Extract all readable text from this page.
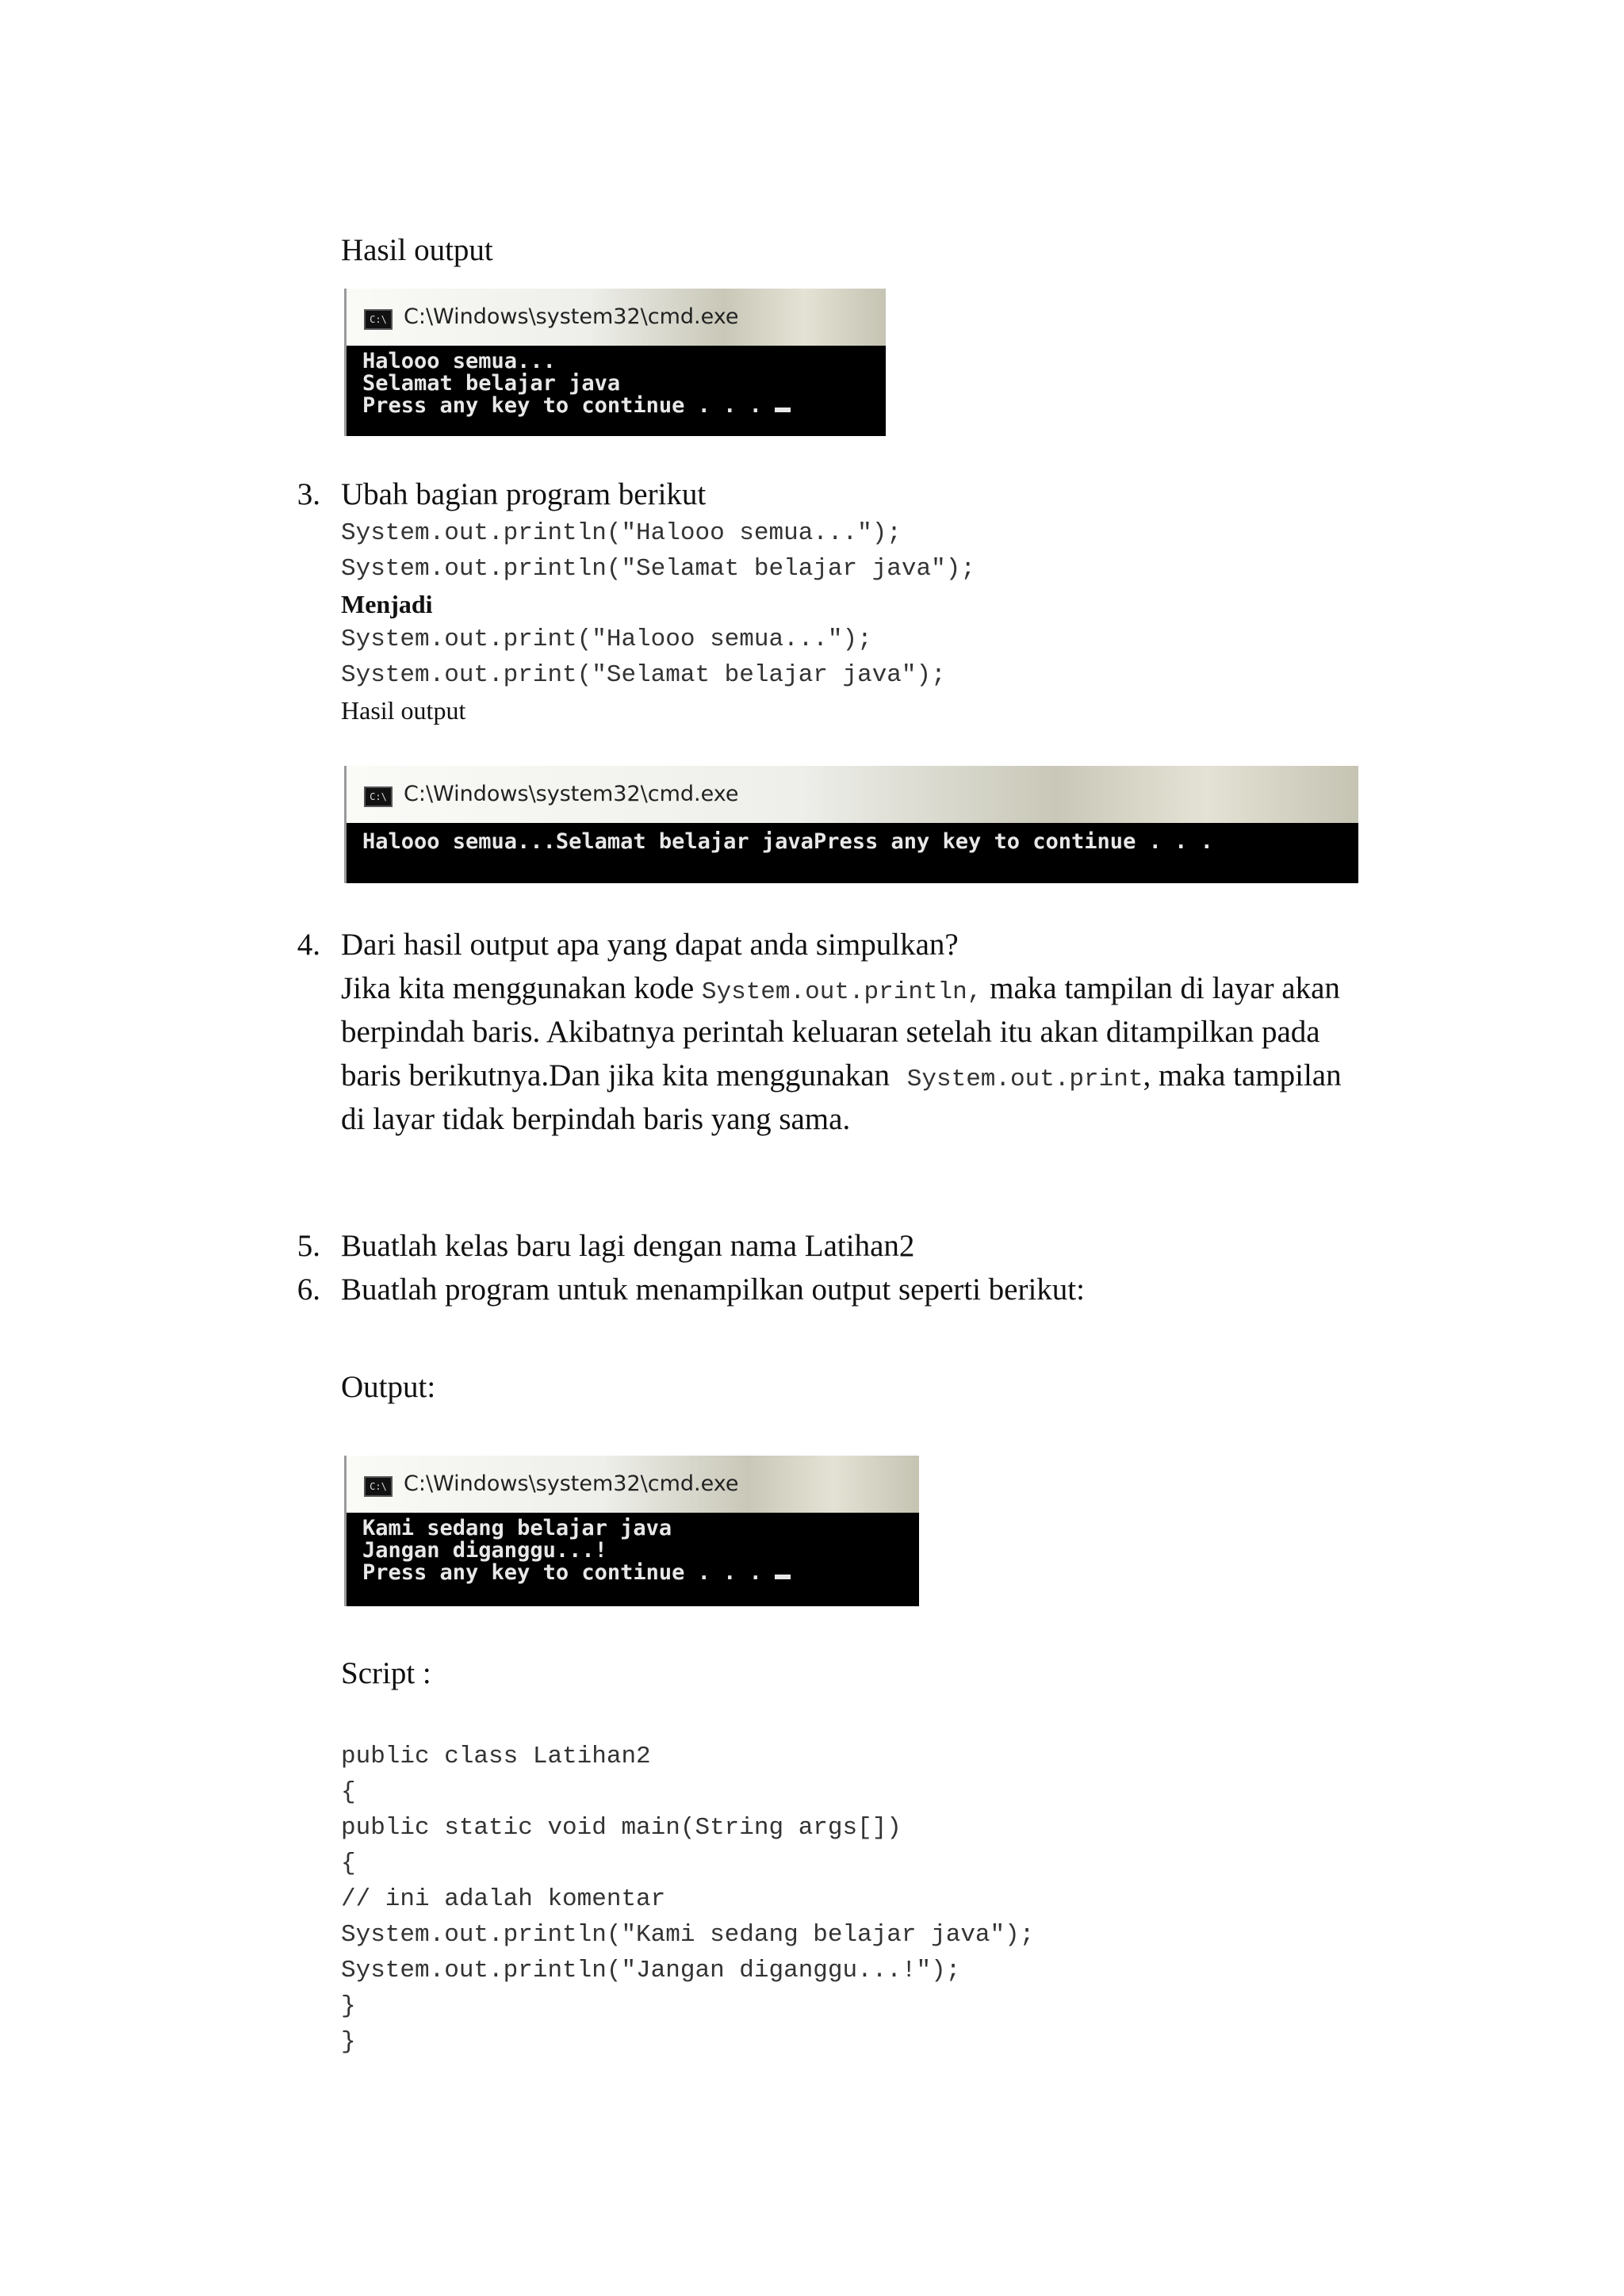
Hasil output
C:\ C:\Windows\system32\cmd.exe
Halooo semua...
Selamat belajar java
Press any key to continue . . .
3. Ubah bagian program berikut
System.out.println("Halooo semua...");
System.out.println("Selamat belajar java");
Menjadi
System.out.print("Halooo semua...");
System.out.print("Selamat belajar java");
Hasil output
C:\ C:\Windows\system32\cmd.exe
Halooo semua...Selamat belajar javaPress any key to continue . . .
4. Dari hasil output apa yang dapat anda simpulkan?
Jika kita menggunakan kode System.out.println, maka tampilan di layar akan
berpindah baris. Akibatnya perintah keluaran setelah itu akan ditampilkan pada
baris berikutnya.Dan jika kita menggunakan System.out.print, maka tampilan
di layar tidak berpindah baris yang sama.
5. Buatlah kelas baru lagi dengan nama Latihan2
6. Buatlah program untuk menampilkan output seperti berikut:
Output:
C:\ C:\Windows\system32\cmd.exe
Kami sedang belajar java
Jangan diganggu...!
Press any key to continue . . .
Script :
public class Latihan2
{
public static void main(String args[])
{
// ini adalah komentar
System.out.println("Kami sedang belajar java");
System.out.println("Jangan diganggu...!");
}
}
